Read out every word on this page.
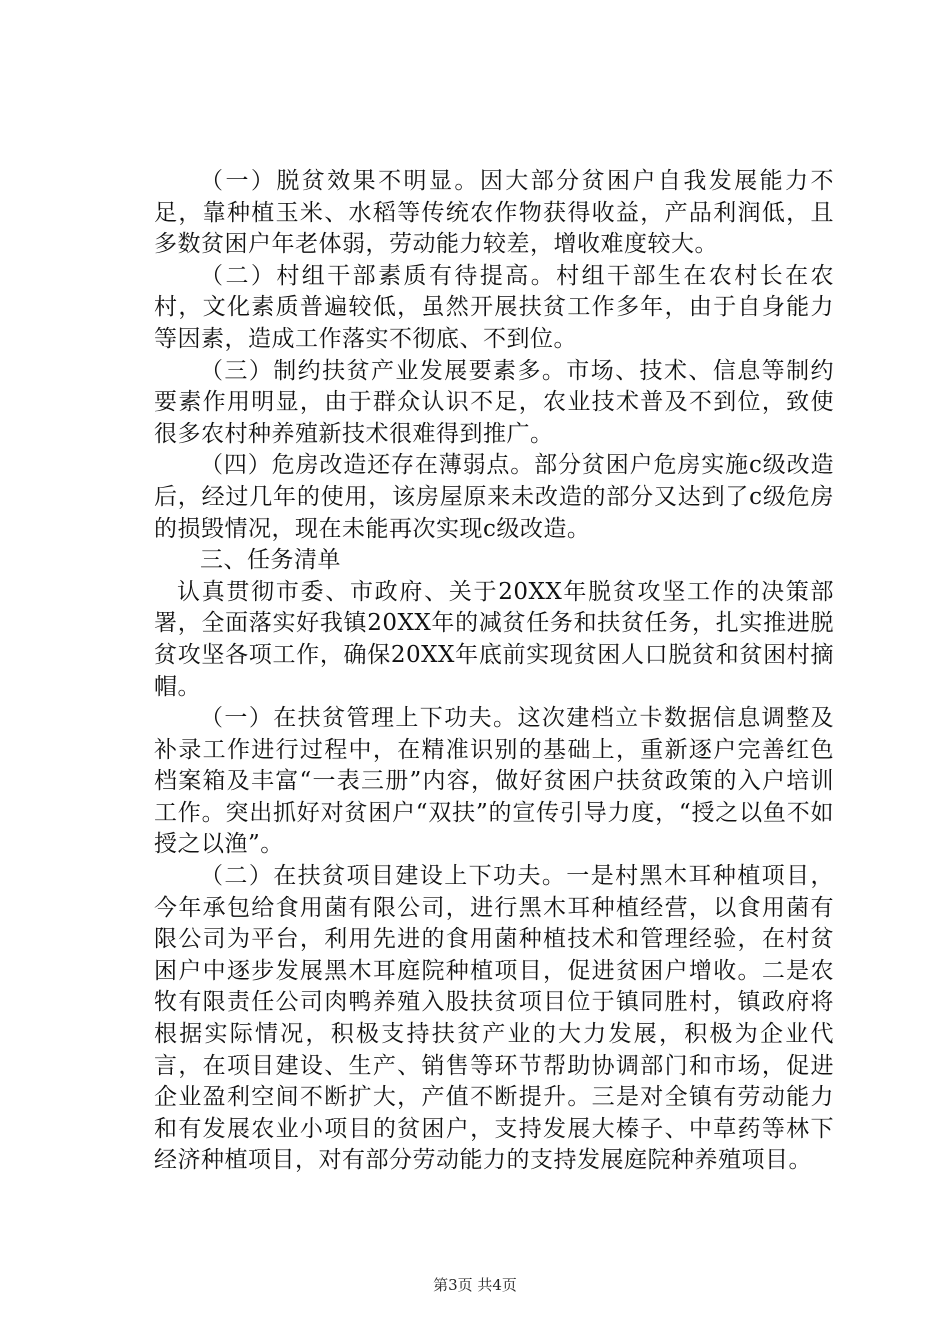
（一）脱贫效果不明显。因大部分贫困户自我发展能力不足，靠种植玉米、水稻等传统农作物获得收益，产品利润低，且多数贫困户年老体弱，劳动能力较差，增收难度较大。

（二）村组干部素质有待提高。村组干部生在农村长在农村，文化素质普遍较低，虽然开展扶贫工作多年，由于自身能力等因素，造成工作落实不彻底、不到位。

（三）制约扶贫产业发展要素多。市场、技术、信息等制约要素作用明显，由于群众认识不足，农业技术普及不到位，致使很多农村种养殖新技术很难得到推广。

（四）危房改造还存在薄弱点。部分贫困户危房实施c级改造后，经过几年的使用，该房屋原来未改造的部分又达到了c级危房的损毁情况，现在未能再次实现c级改造。

三、任务清单

认真贯彻市委、市政府、关于20XX年脱贫攻坚工作的决策部署，全面落实好我镇20XX年的减贫任务和扶贫任务，扎实推进脱贫攻坚各项工作，确保20XX年底前实现贫困人口脱贫和贫困村摘帽。

（一）在扶贫管理上下功夫。这次建档立卡数据信息调整及补录工作进行过程中，在精准识别的基础上，重新逐户完善红色档案箱及丰富“一表三册”内容，做好贫困户扶贫政策的入户培训工作。突出抓好对贫困户“双扶”的宣传引导力度，“授之以鱼不如授之以渔”。

（二）在扶贫项目建设上下功夫。一是村黑木耳种植项目，今年承包给食用菌有限公司，进行黑木耳种植经营，以食用菌有限公司为平台，利用先进的食用菌种植技术和管理经验，在村贫困户中逐步发展黑木耳庭院种植项目，促进贫困户增收。二是农牧有限责任公司肉鸭养殖入股扶贫项目位于镇同胜村，镇政府将根据实际情况，积极支持扶贫产业的大力发展，积极为企业代言，在项目建设、生产、销售等环节帮助协调部门和市场，促进企业盈利空间不断扩大，产值不断提升。三是对全镇有劳动能力和有发展农业小项目的贫困户，支持发展大榛子、中草药等林下经济种植项目，对有部分劳动能力的支持发展庭院种养殖项目。

第3页 共4页
